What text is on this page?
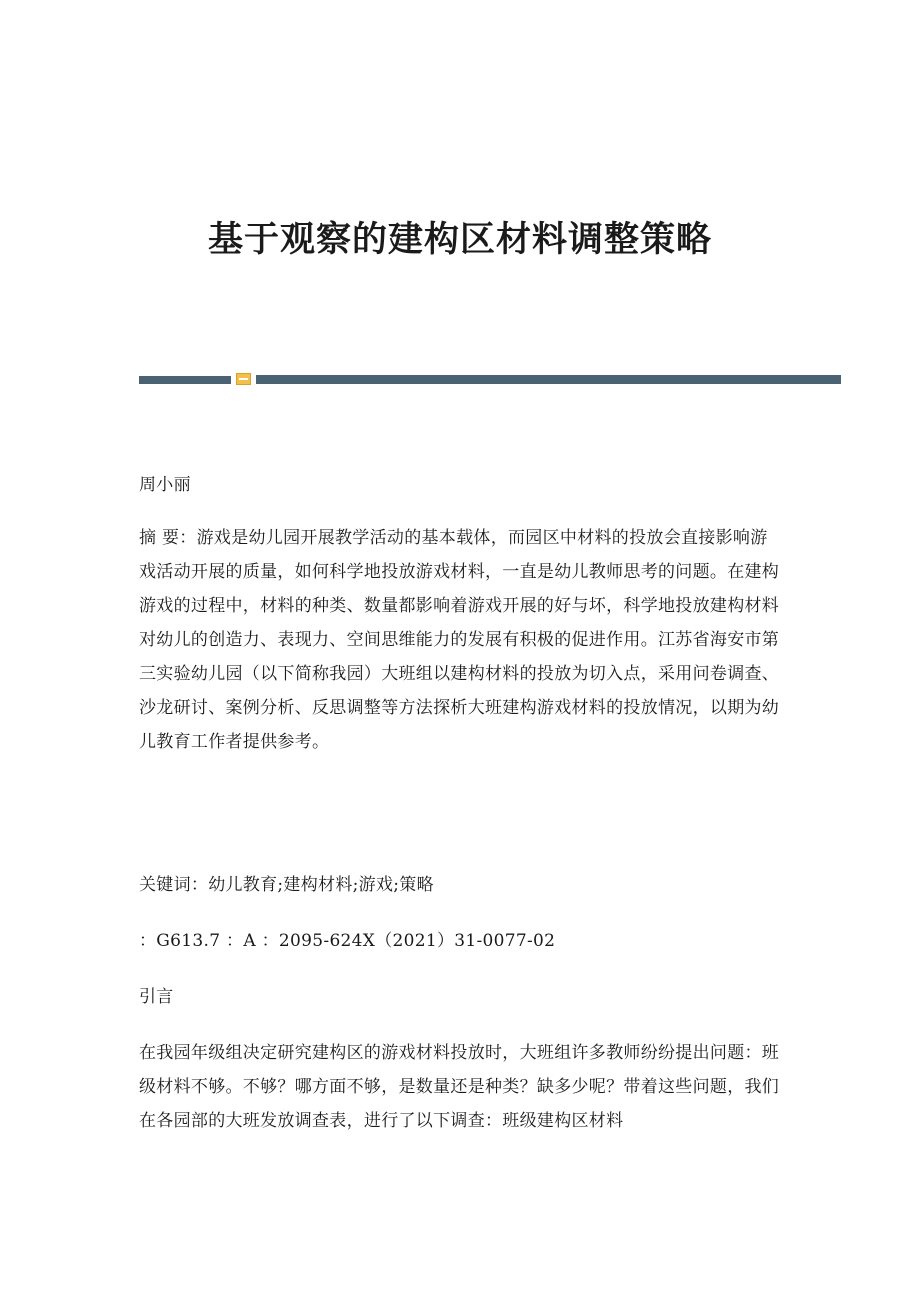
基于观察的建构区材料调整策略

周小丽

摘 要：游戏是幼儿园开展教学活动的基本载体，而园区中材料的投放会直接影响游戏活动开展的质量，如何科学地投放游戏材料，一直是幼儿教师思考的问题。在建构游戏的过程中，材料的种类、数量都影响着游戏开展的好与坏，科学地投放建构材料对幼儿的创造力、表现力、空间思维能力的发展有积极的促进作用。江苏省海安市第三实验幼儿园（以下简称我园）大班组以建构材料的投放为切入点，采用问卷调查、沙龙研讨、案例分析、反思调整等方法探析大班建构游戏材料的投放情况，以期为幼儿教育工作者提供参考。

关键词：幼儿教育;建构材料;游戏;策略

：G613.7 ：A ：2095-624X（2021）31-0077-02

引言

在我园年级组决定研究建构区的游戏材料投放时，大班组许多教师纷纷提出问题：班级材料不够。不够？哪方面不够，是数量还是种类？缺多少呢？带着这些问题，我们在各园部的大班发放调查表，进行了以下调查：班级建构区材料
